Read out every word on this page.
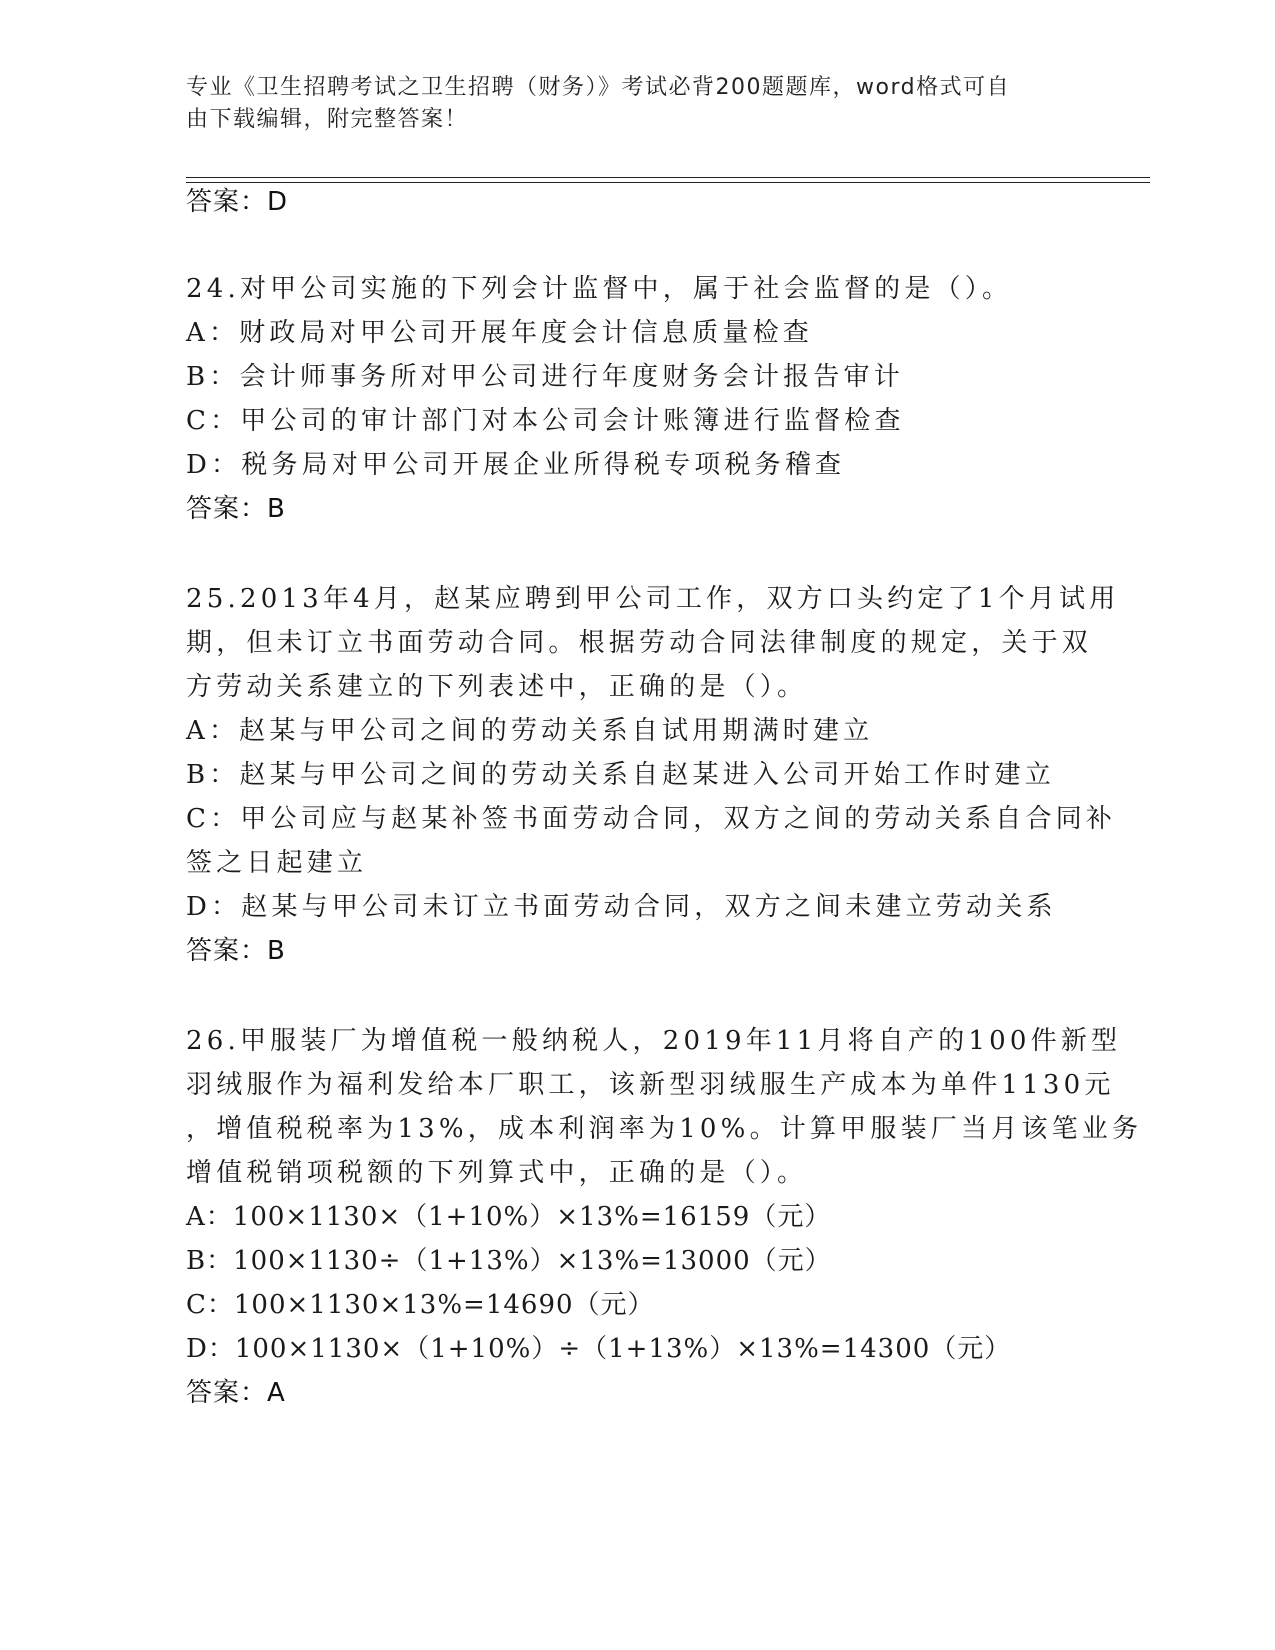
专业《卫生招聘考试之卫生招聘（财务）》考试必背200题题库，word格式可自
由下载编辑，附完整答案！
答案：D
24.对甲公司实施的下列会计监督中，属于社会监督的是（）。
A：财政局对甲公司开展年度会计信息质量检查
B：会计师事务所对甲公司进行年度财务会计报告审计
C：甲公司的审计部门对本公司会计账簿进行监督检查
D：税务局对甲公司开展企业所得税专项税务稽查
答案：B
25.2013年4月，赵某应聘到甲公司工作，双方口头约定了1个月试用
期，但未订立书面劳动合同。根据劳动合同法律制度的规定，关于双
方劳动关系建立的下列表述中，正确的是（）。
A：赵某与甲公司之间的劳动关系自试用期满时建立
B：赵某与甲公司之间的劳动关系自赵某进入公司开始工作时建立
C：甲公司应与赵某补签书面劳动合同，双方之间的劳动关系自合同补
签之日起建立
D：赵某与甲公司未订立书面劳动合同，双方之间未建立劳动关系
答案：B
26.甲服装厂为增值税一般纳税人，2019年11月将自产的100件新型
羽绒服作为福利发给本厂职工，该新型羽绒服生产成本为单件1130元
，增值税税率为13%，成本利润率为10%。计算甲服装厂当月该笔业务
增值税销项税额的下列算式中，正确的是（）。
A：100×1130×（1+10%）×13%=16159（元）
B：100×1130÷（1+13%）×13%=13000（元）
C：100×1130×13%=14690（元）
D：100×1130×（1+10%）÷（1+13%）×13%=14300（元）
答案：A
